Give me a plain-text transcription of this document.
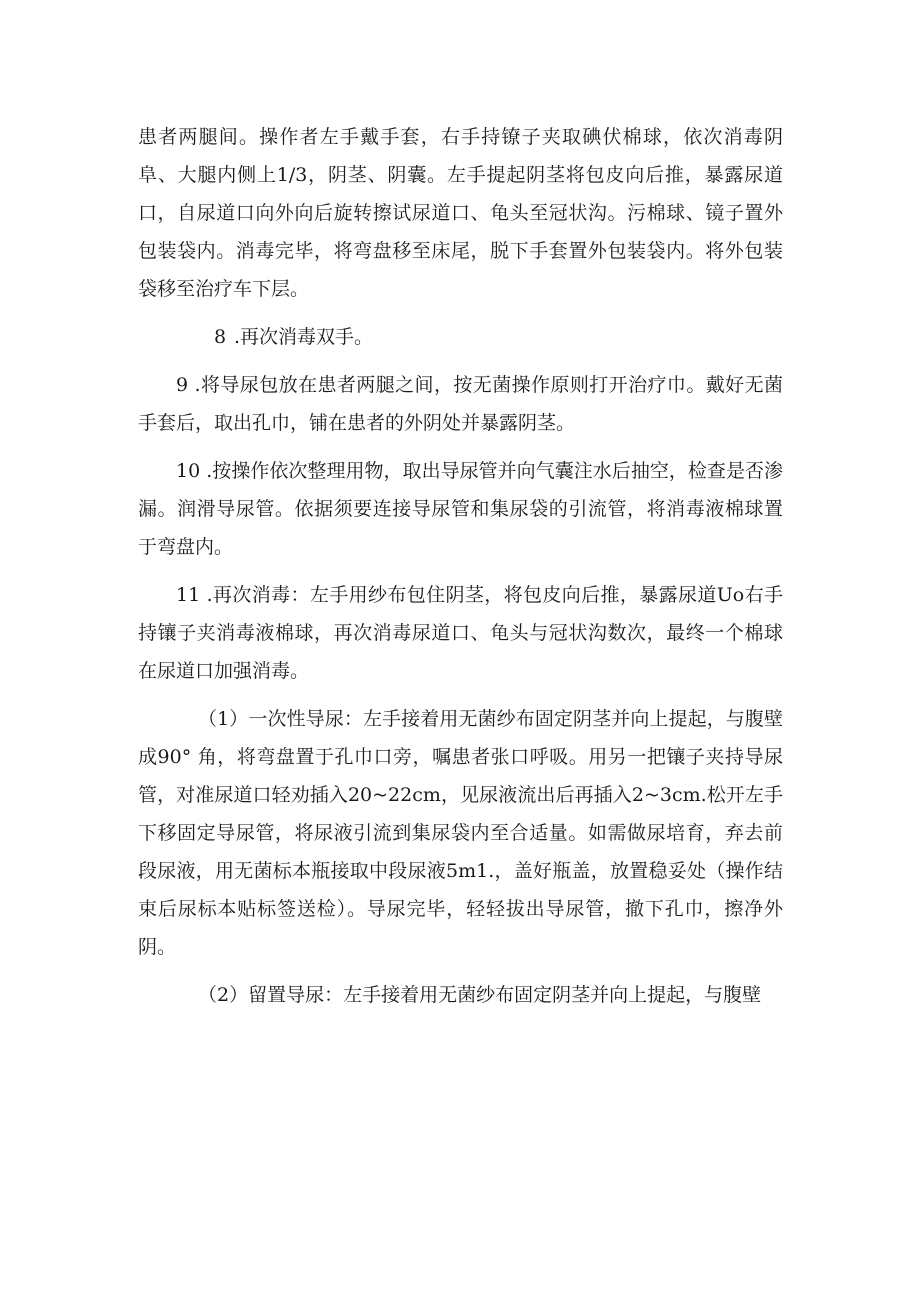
患者两腿间。操作者左手戴手套，右手持镣子夹取碘伏棉球，依次消毒阴阜、大腿内侧上1/3，阴茎、阴囊。左手提起阴茎将包皮向后推，暴露尿道口，自尿道口向外向后旋转擦试尿道口、龟头至冠状沟。污棉球、镜子置外包装袋内。消毒完毕，将弯盘移至床尾，脱下手套置外包装袋内。将外包装袋移至治疗车下层。

8 .再次消毒双手。

9 .将导尿包放在患者两腿之间，按无菌操作原则打开治疗巾。戴好无菌手套后，取出孔巾，铺在患者的外阴处并暴露阴茎。

10 .按操作依次整理用物，取出导尿管并向气囊注水后抽空，检查是否渗漏。润滑导尿管。依据须要连接导尿管和集尿袋的引流管，将消毒液棉球置于弯盘内。

11 .再次消毒：左手用纱布包住阴茎，将包皮向后推，暴露尿道Uo右手持镶子夹消毒液棉球，再次消毒尿道口、龟头与冠状沟数次，最终一个棉球在尿道口加强消毒。

（1）一次性导尿：左手接着用无菌纱布固定阴茎并向上提起，与腹壁成90° 角，将弯盘置于孔巾口旁，嘱患者张口呼吸。用另一把镶子夹持导尿管，对准尿道口轻劝插入20~22cm，见尿液流出后再插入2~3cm.松开左手下移固定导尿管，将尿液引流到集尿袋内至合适量。如需做尿培育，弃去前段尿液，用无菌标本瓶接取中段尿液5m1.，盖好瓶盖，放置稳妥处（操作结束后尿标本贴标签送检）。导尿完毕，轻轻拔出导尿管，撤下孔巾，擦净外阴。

（2）留置导尿：左手接着用无菌纱布固定阴茎并向上提起，与腹壁
